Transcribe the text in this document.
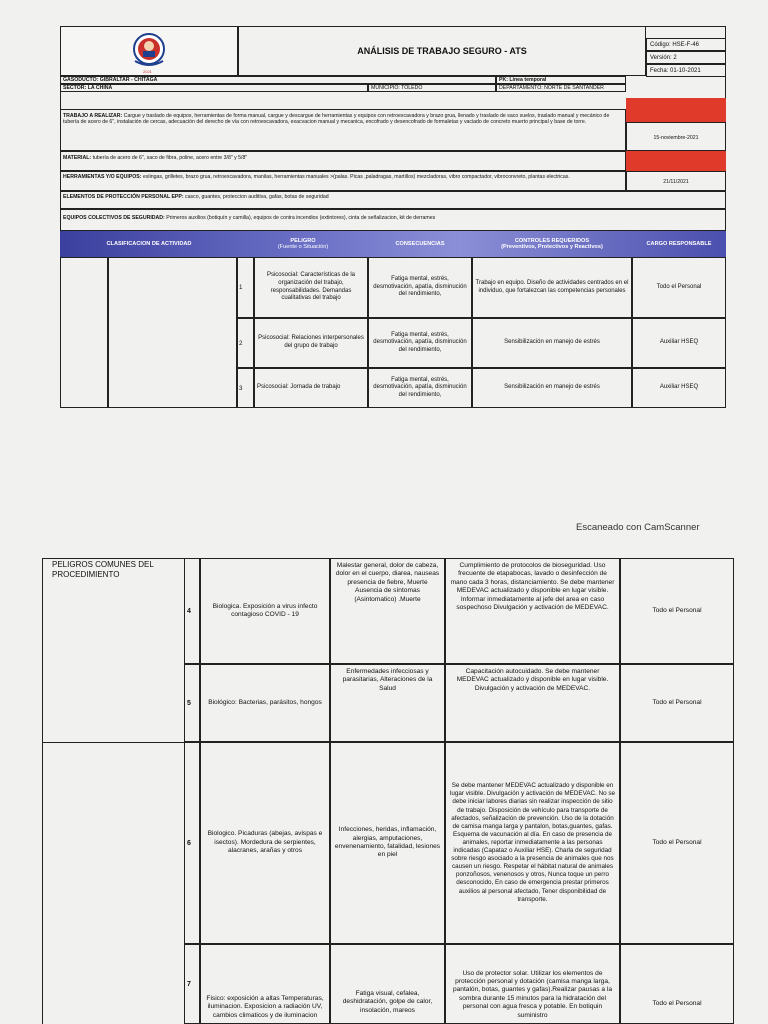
2021
ANÁLISIS DE TRABAJO SEGURO - ATS
Código: HSE-F-46
Versión: 2
Fecha: 01-10-2021
GASODUCTO: GIBRALTAR - CHITAGA	PK: Línea temporal
SECTOR: LA CHINA	MUNICIPIO: TOLEDO	DEPARTAMENTO: NORTE DE SANTANDER
TRABAJO A REALIZAR: Cargue y traslado de equipos, herramientas de forma manual, cargue y descargue de herramientas y equipos con retroexcavadora y brazo grua, llenado y traslado de saco suelos, traslado manual y mecánico de tubería de acero de 6", instalación de cercas, adecuación del derecho de vía con retroexcavadora, exacvacion manual y mecanica, encofrado y desencofrado de formaletas y vaciado de concreto muerto principal y base de torre.
15-noviembre-2021
MATERIAL: tubería de acero de 6", saco de fibra, poline, acero entre 3/8" y 5/8"
HERRAMIENTAS Y/O EQUIPOS: eslingas, grilletes, brazo grua, retroexcavadora, manilas, herramientas manuales >(palas. Picas ,paladragas, martillos) mezcladoras, vibro compactador, vibroconvreto, plantas electricas.
21/11/2021
ELEMENTOS DE PROTECCIÓN PERSONAL EPP: casco, guantes, proteccion auditiva, gafas, botas de seguridad
EQUIPOS COLECTIVOS DE SEGURIDAD: Primeros auxilios (botiquín y camilla), equipos de contra incendios (extintores), cinta de señalizacion, kit de derrames
CLASIFICACION DE ACTIVIDAD	PELIGRO
(Fuente o Situación)	CONSECUENCIAS	CONTROLES REQUERIDOS
(Preventivos, Protectivos y Reactivos)	CARGO RESPONSABLE
1
Psicosocial: Características de la organización del trabajo, responsabilidades. Demandas cualitativas del trabajo
Fatiga mental, estrés, desmotivación, apatía, disminución del rendimiento,
Trabajo en equipo. Diseño de actividades centrados en el individuo, que fortalezcan las competencias personales
Todo el Personal
2
Psicosocial: Relaciones interpersonales del grupo de trabajo
Fatiga mental, estrés, desmotivación, apatía, disminución del rendimiento,
Sensibilización en manejo de estrés	Auxiliar HSEQ
3	Psicosocial: Jornada de trabajo
Fatiga mental, estrés, desmotivación, apatía, disminución del rendimiento,
Sensibilización en manejo de estrés	Auxiliar HSEQ
Escaneado con CamScanner
PELIGROS COMUNES DEL PROCEDIMIENTO
4
Biologica. Exposición a virus infecto contagioso COVID - 19
Malestar general, dolor de cabeza, dolor en el cuerpo, diarea, nauseas presencia de fiebre, Muerte Ausencia de síntomas (Asintomatico) .Muerte
Cumplimiento de protocolos de bioseguridad. Uso frecuente de etapabocas, lavado o desinfección de mano cada 3 horas, distanciamiento. Se debe mantener MEDEVAC actualizado y disponible en lugar visible. Informar inmediatamente al jefe del area en caso sospechoso Divulgación y activación de MEDEVAC.	Todo el Personal
5	Biológico: Bacterias, parásitos, hongos
Enfermedades infecciosas y parasitarias, Alteraciones de la Salud
Capacitación autocuidado. Se debe mantener MEDEVAC actualizado y disponible en lugar visible. Divulgación y activación de MEDEVAC.
Todo el Personal
6
Biologico. Picaduras (abejas, avispas e isectos). Mordedura de serpientes, alacranes, arañas y otros
Infecciones, heridas, inflamación, alergias, amputaciones, envenenamiento, fatalidad, lesiones en piel
Se debe mantener MEDEVAC actualizado y disponible en lugar visible. Divulgación y activación de MEDEVAC. No se debe iniciar labores diarias sin realizar inspección de sitio de trabajo. Disposición de vehículo para transporte de afectados, señalización de prevención. Uso de la dotación de camisa manga larga y pantalon, botas,guantes, gafas. Esquema de vacunación al día. En caso de presencia de animales, reportar inmediatamente a las personas indicadas (Capataz o Auxiliar HSE). Charla de seguridad sobre riesgo asociado a la presencia de animales que nos causen un riesgo. Respetar el hábitat natural de animales ponzoñosos, venenosos y otros, Nunca toque un perro desconocido, En caso de emergencia prestar primeros auxilios al personal afectado, Tener disponibilidad de transporte.
Todo el Personal
7
Fisico: exposición a altas Temperaturas, iluminacion. Exposicion a radiación UV, cambios climaticos y de iluminacion
Fatiga visual, cefalea, deshidratación, golpe de calor, insolación, mareos
Uso de protector solar. Utilizar los elementos de protección personal y dotación (camisa manga larga, pantalón, botas, guantes y gafas).Realizar pausas a la sombra durante 15 minutos para la hidratación del personal con agua fresca y potable. En botiquin suministro
Todo el Personal
